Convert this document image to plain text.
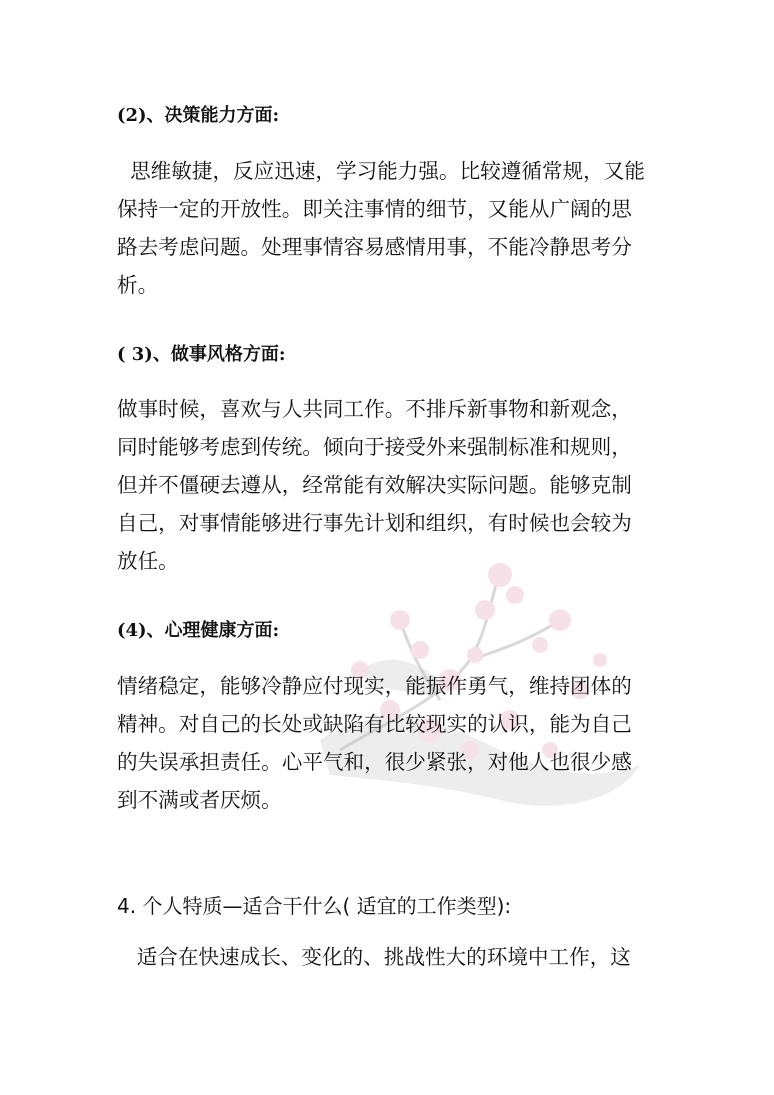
(2)、决策能力方面:
思维敏捷，反应迅速，学习能力强。比较遵循常规，又能
保持一定的开放性。即关注事情的细节，又能从广阔的思
路去考虑问题。处理事情容易感情用事，不能冷静思考分
析。
( 3)、做事风格方面:
做事时候，喜欢与人共同工作。不排斥新事物和新观念，
同时能够考虑到传统。倾向于接受外来强制标准和规则，
但并不僵硬去遵从，经常能有效解决实际问题。能够克制
自己，对事情能够进行事先计划和组织，有时候也会较为
放任。
(4)、心理健康方面:
情绪稳定，能够冷静应付现实，能振作勇气，维持团体的
精神。对自己的长处或缺陷有比较现实的认识，能为自己
的失误承担责任。心平气和，很少紧张，对他人也很少感
到不满或者厌烦。
4. 个人特质—适合干什么( 适宜的工作类型):
适合在快速成长、变化的、挑战性大的环境中工作，这
